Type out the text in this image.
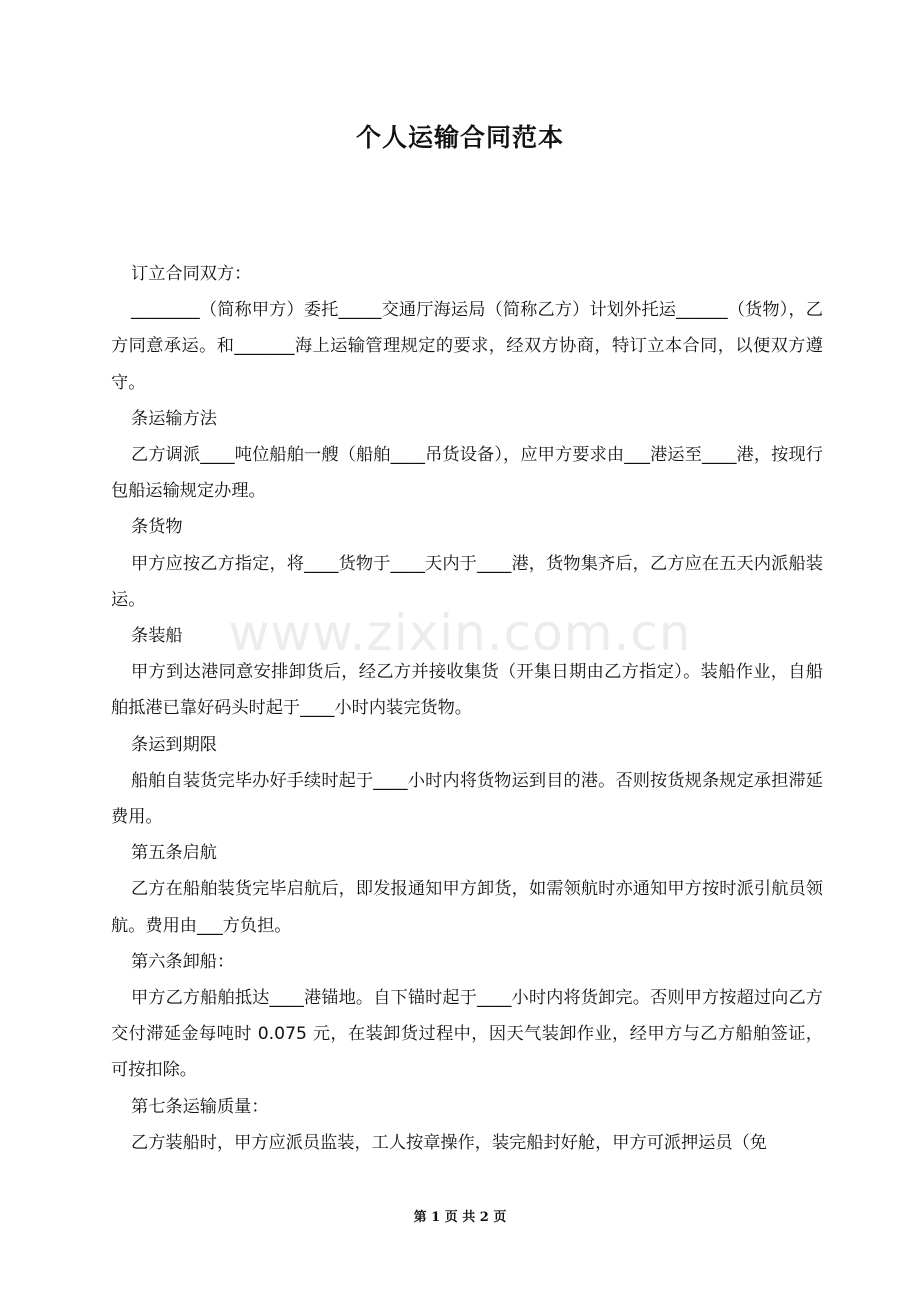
个人运输合同范本
www.zixin.com.cn

订立合同双方：

________（简称甲方）委托_____交通厅海运局（简称乙方）计划外托运______（货物），乙方同意承运。和_______海上运输管理规定的要求，经双方协商，特订立本合同，以便双方遵守。

条运输方法

乙方调派____吨位船舶一艘（船舶____吊货设备），应甲方要求由___港运至____港，按现行包船运输规定办理。

条货物

甲方应按乙方指定，将____货物于____天内于____港，货物集齐后，乙方应在五天内派船装运。

条装船

甲方到达港同意安排卸货后，经乙方并接收集货（开集日期由乙方指定）。装船作业，自船舶抵港已靠好码头时起于____小时内装完货物。

条运到期限

船舶自装货完毕办好手续时起于____小时内将货物运到目的港。否则按货规条规定承担滞延费用。

第五条启航

乙方在船舶装货完毕启航后，即发报通知甲方卸货，如需领航时亦通知甲方按时派引航员领航。费用由___方负担。

第六条卸船：

甲方乙方船舶抵达____港锚地。自下锚时起于____小时内将货卸完。否则甲方按超过向乙方交付滞延金每吨时 0.075 元，在装卸货过程中，因天气装卸作业，经甲方与乙方船舶签证，可按扣除。

第七条运输质量：

乙方装船时，甲方应派员监装，工人按章操作，装完船封好舱，甲方可派押运员（免

第 1 页 共 2 页
